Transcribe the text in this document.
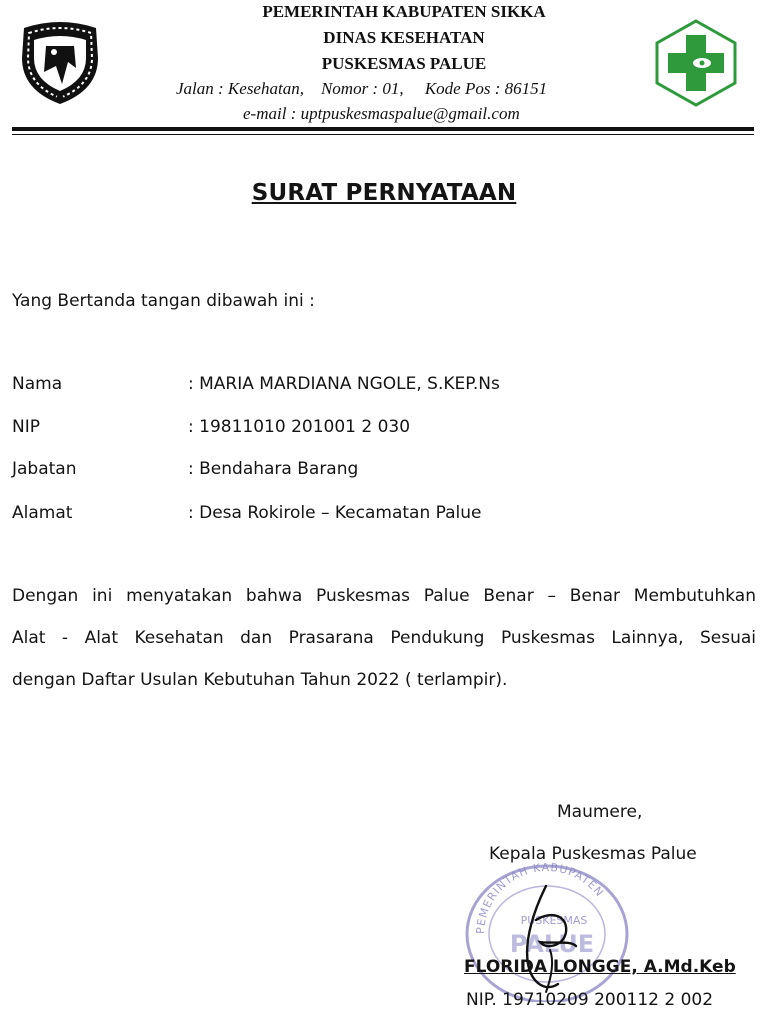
PEMERINTAH KABUPATEN SIKKA
DINAS KESEHATAN
PUSKESMAS PALUE
Jalan : Kesehatan,    Nomor : 01,     Kode Pos : 86151
e-mail : uptpuskesmaspalue@gmail.com
SURAT PERNYATAAN
Yang Bertanda tangan dibawah ini :
Nama	: MARIA MARDIANA NGOLE, S.KEP.Ns
NIP	: 19811010 201001 2 030
Jabatan	: Bendahara Barang
Alamat	: Desa Rokirole – Kecamatan Palue
Dengan ini menyatakan bahwa Puskesmas Palue Benar – Benar Membutuhkan
Alat - Alat Kesehatan dan Prasarana Pendukung Puskesmas Lainnya, Sesuai
dengan Daftar Usulan Kebutuhan Tahun 2022 ( terlampir).
PEMERINTAH KABUPATEN
PUSKESMAS
PALUE
Maumere,
Kepala Puskesmas Palue
FLORIDA LONGGE, A.Md.Keb
NIP. 19710209 200112 2 002
